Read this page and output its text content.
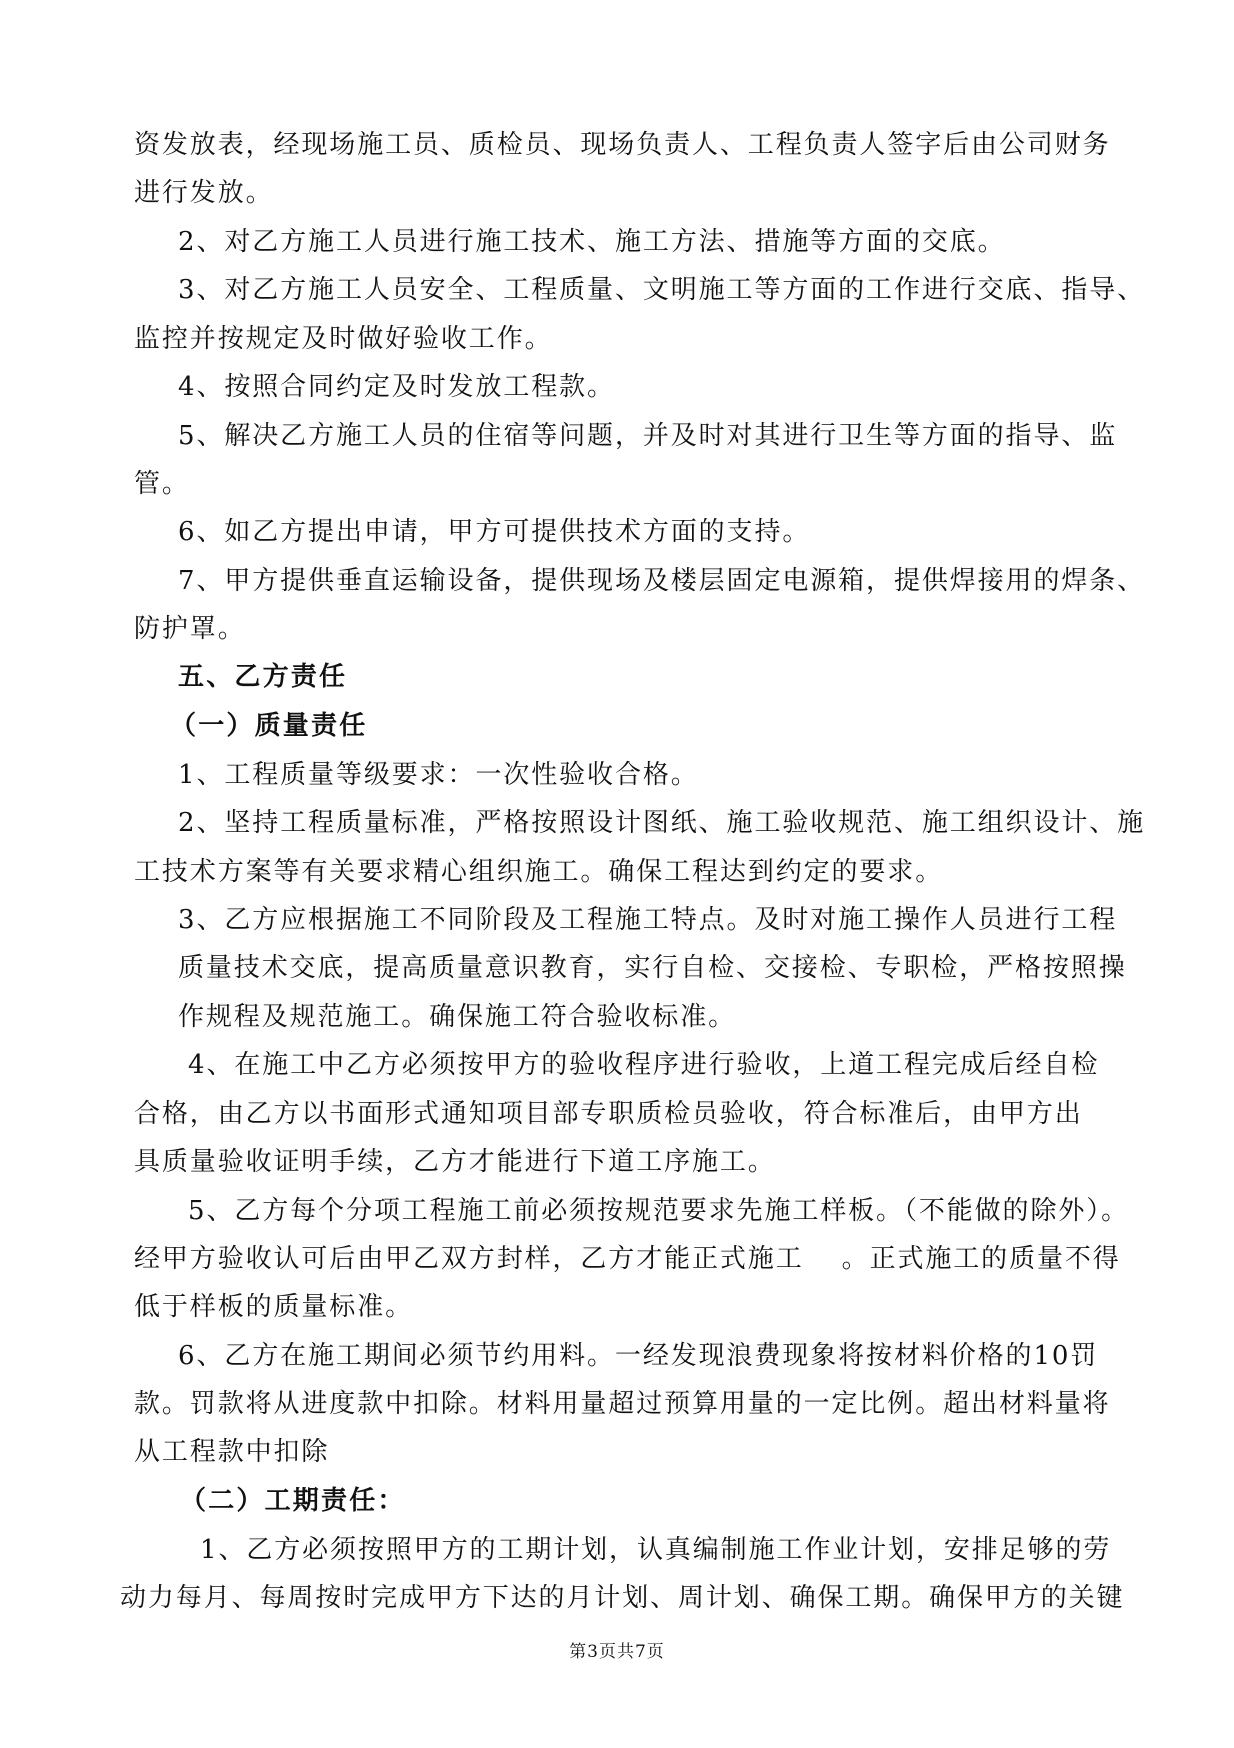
资发放表，经现场施工员、质检员、现场负责人、工程负责人签字后由公司财务

进行发放。

2、对乙方施工人员进行施工技术、施工方法、措施等方面的交底。

3、对乙方施工人员安全、工程质量、文明施工等方面的工作进行交底、指导、

监控并按规定及时做好验收工作。

4、按照合同约定及时发放工程款。

5、解决乙方施工人员的住宿等问题，并及时对其进行卫生等方面的指导、监

管。

6、如乙方提出申请，甲方可提供技术方面的支持。

7、甲方提供垂直运输设备，提供现场及楼层固定电源箱，提供焊接用的焊条、

防护罩。

五、乙方责任

（一）质量责任

1、工程质量等级要求：一次性验收合格。

2、坚持工程质量标准，严格按照设计图纸、施工验收规范、施工组织设计、施

工技术方案等有关要求精心组织施工。确保工程达到约定的要求。

3、乙方应根据施工不同阶段及工程施工特点。及时对施工操作人员进行工程

质量技术交底，提高质量意识教育，实行自检、交接检、专职检，严格按照操

作规程及规范施工。确保施工符合验收标准。

4、在施工中乙方必须按甲方的验收程序进行验收，上道工程完成后经自检

合格，由乙方以书面形式通知项目部专职质检员验收，符合标准后，由甲方出

具质量验收证明手续，乙方才能进行下道工序施工。

5、乙方每个分项工程施工前必须按规范要求先施工样板。（不能做的除外）。

经甲方验收认可后由甲乙双方封样，乙方才能正式施工 　。正式施工的质量不得

低于样板的质量标准。

6、乙方在施工期间必须节约用料。一经发现浪费现象将按材料价格的10罚

款。罚款将从进度款中扣除。材料用量超过预算用量的一定比例。超出材料量将

从工程款中扣除

（二）工期责任：

1、乙方必须按照甲方的工期计划，认真编制施工作业计划，安排足够的劳

动力每月、每周按时完成甲方下达的月计划、周计划、确保工期。确保甲方的关键

第3页共7页
